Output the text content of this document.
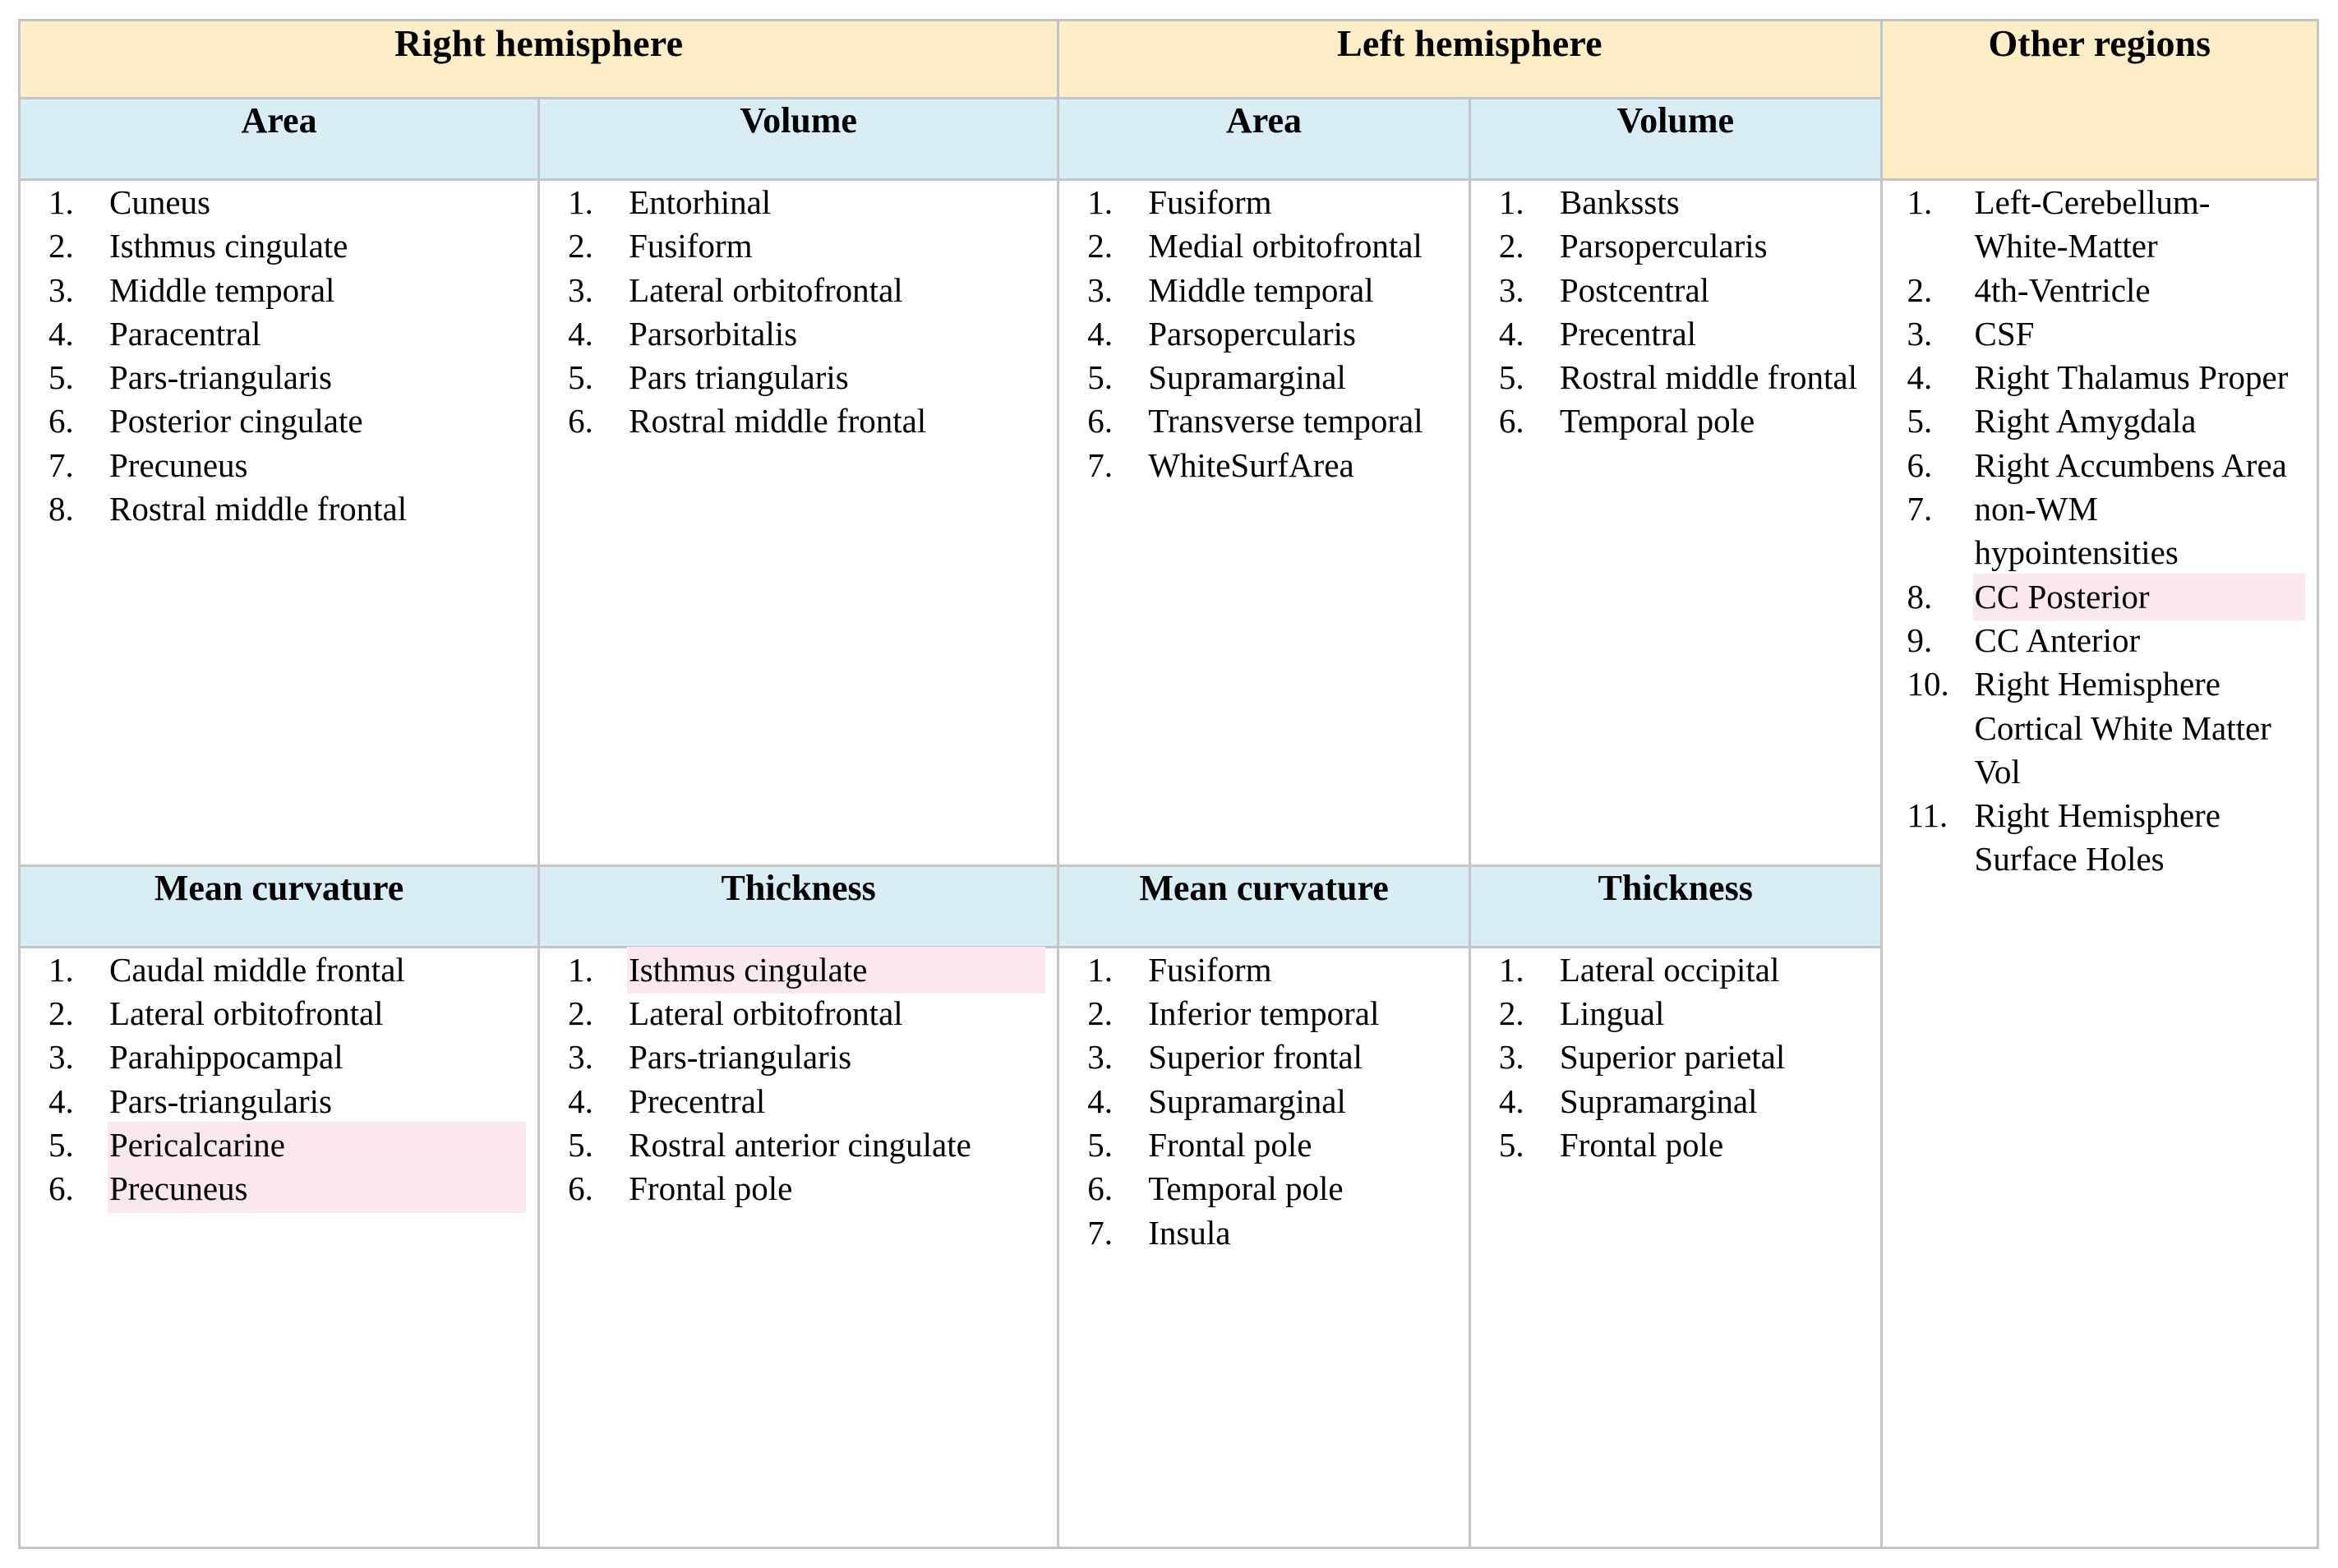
Right hemisphere		Left hemisphere		Other regions
Area	Volume	Area	Volume	

1.	Cuneus
2.	Isthmus cingulate
3.	Middle temporal
4.	Paracentral
5.	Pars-triangularis
6.	Posterior cingulate
7.	Precuneus
8.	Rostral middle frontal

1.	Entorhinal
2.	Fusiform
3.	Lateral orbitofrontal
4.	Parsorbitalis
5.	Pars triangularis
6.	Rostral middle frontal

1.	Fusiform
2.	Medial orbitofrontal
3.	Middle temporal
4.	Parsopercularis
5.	Supramarginal
6.	Transverse temporal
7.	WhiteSurfArea

1.	Bankssts
2.	Parsopercularis
3.	Postcentral
4.	Precentral
5.	Rostral middle frontal
6.	Temporal pole

1.	Left-Cerebellum-White-Matter
2.	4th-Ventricle
3.	CSF
4.	Right Thalamus Proper
5.	Right Amygdala
6.	Right Accumbens Area
7.	non-WM hypointensities
8.	CC Posterior
9.	CC Anterior
10. Right Hemisphere Cortical White Matter Vol
11. Right Hemisphere Surface Holes

Mean curvature	Thickness	Mean curvature	Thickness	

1.	Caudal middle frontal
2.	Lateral orbitofrontal
3.	Parahippocampal
4.	Pars-triangularis
5.	Pericalcarine
6.	Precuneus

1.	Isthmus cingulate
2.	Lateral orbitofrontal
3.	Pars-triangularis
4.	Precentral
5.	Rostral anterior cingulate
6.	Frontal pole

1.	Fusiform
2.	Inferior temporal
3.	Superior frontal
4.	Supramarginal
5.	Frontal pole
6.	Temporal pole
7.	Insula

1.	Lateral occipital
2.	Lingual
3.	Superior parietal
4.	Supramarginal
5.	Frontal pole
